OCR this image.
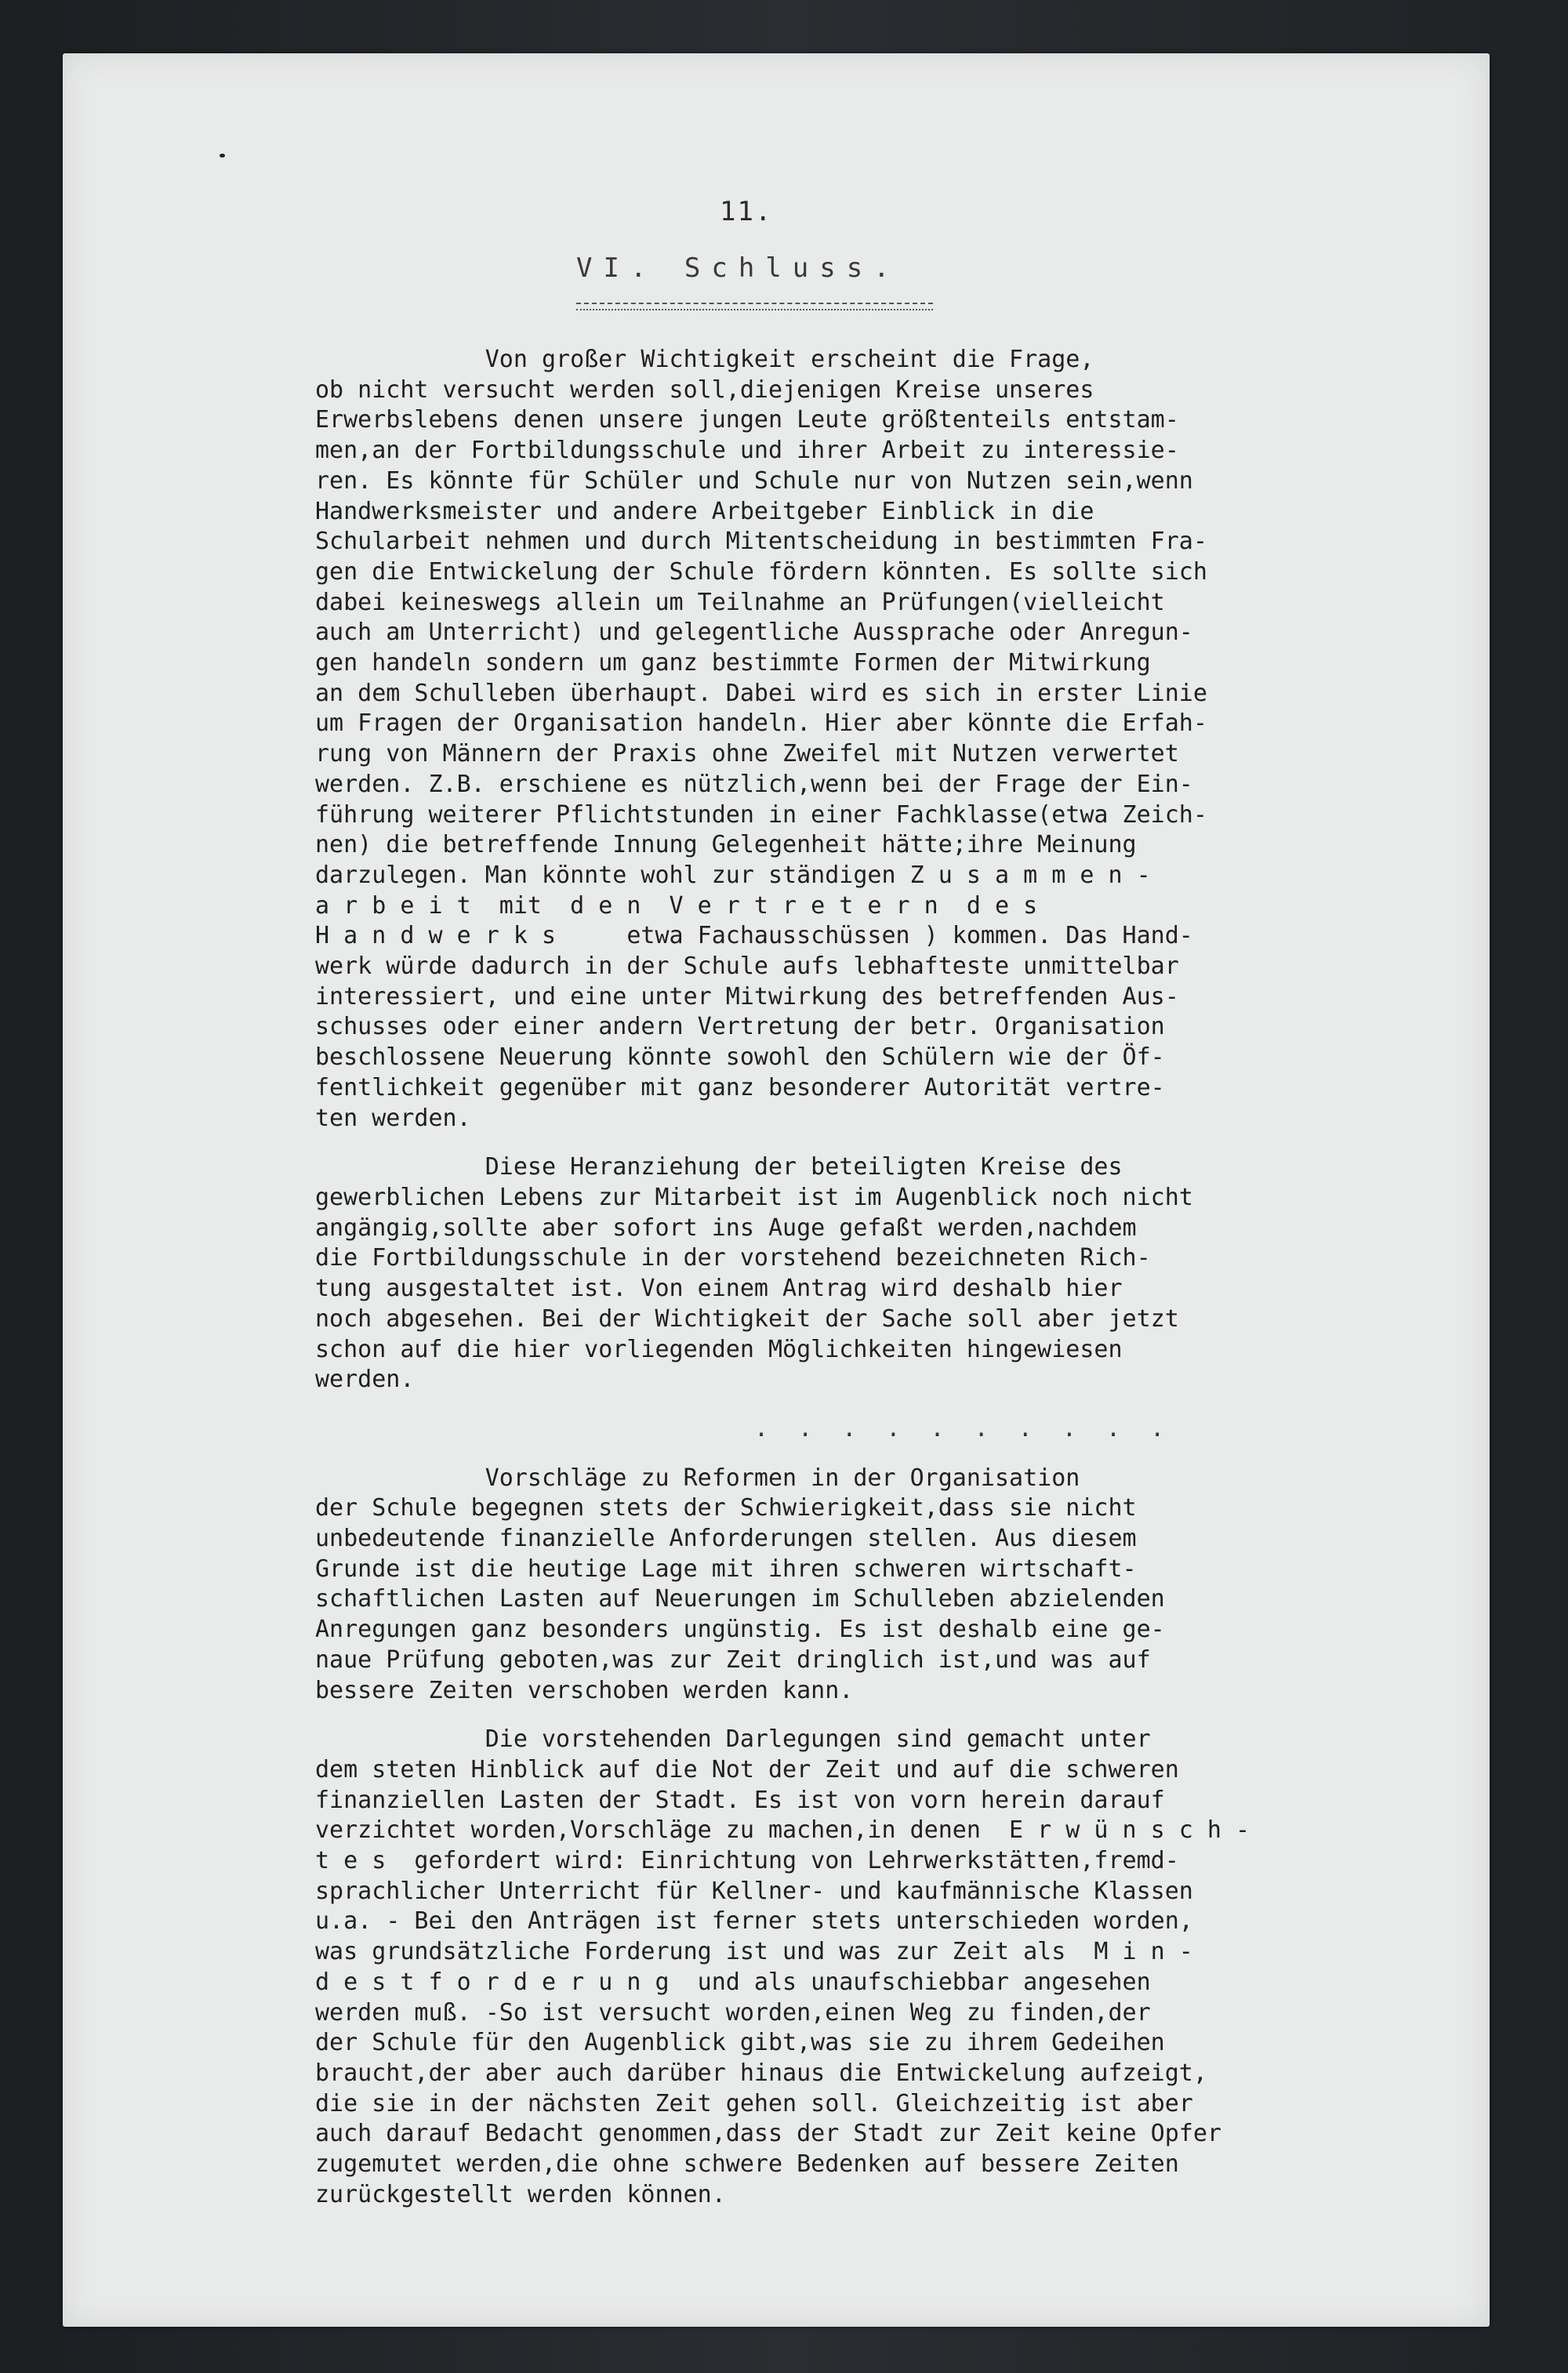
11.
VI. Schluss.
Von großer Wichtigkeit erscheint die Frage,
ob nicht versucht werden soll,diejenigen Kreise unseres
Erwerbslebens denen unsere jungen Leute größtenteils entstam-
men,an der Fortbildungsschule und ihrer Arbeit zu interessie-
ren. Es könnte für Schüler und Schule nur von Nutzen sein,wenn
Handwerksmeister und andere Arbeitgeber Einblick in die
Schularbeit nehmen und durch Mitentscheidung in bestimmten Fra-
gen die Entwickelung der Schule fördern könnten. Es sollte sich
dabei keineswegs allein um Teilnahme an Prüfungen(vielleicht
auch am Unterricht) und gelegentliche Aussprache oder Anregun-
gen handeln sondern um ganz bestimmte Formen der Mitwirkung
an dem Schulleben überhaupt. Dabei wird es sich in erster Linie
um Fragen der Organisation handeln. Hier aber könnte die Erfah-
rung von Männern der Praxis ohne Zweifel mit Nutzen verwertet
werden. Z.B. erschiene es nützlich,wenn bei der Frage der Ein-
führung weiterer Pflichtstunden in einer Fachklasse(etwa Zeich-
nen) die betreffende Innung Gelegenheit hätte;ihre Meinung
darzulegen. Man könnte wohl zur ständigen Z u s a m m e n -
a r b e i t  mit  d e n  V e r t r e t e r n  d e s
H a n d w e r k s     etwa Fachausschüssen ) kommen. Das Hand-
werk würde dadurch in der Schule aufs lebhafteste unmittelbar
interessiert, und eine unter Mitwirkung des betreffenden Aus-
schusses oder einer andern Vertretung der betr. Organisation
beschlossene Neuerung könnte sowohl den Schülern wie der Öf-
fentlichkeit gegenüber mit ganz besonderer Autorität vertre-
ten werden.
Diese Heranziehung der beteiligten Kreise des
gewerblichen Lebens zur Mitarbeit ist im Augenblick noch nicht
angängig,sollte aber sofort ins Auge gefaßt werden,nachdem
die Fortbildungsschule in der vorstehend bezeichneten Rich-
tung ausgestaltet ist. Von einem Antrag wird deshalb hier
noch abgesehen. Bei der Wichtigkeit der Sache soll aber jetzt
schon auf die hier vorliegenden Möglichkeiten hingewiesen
werden.
. . . . . . . . . .
Vorschläge zu Reformen in der Organisation
der Schule begegnen stets der Schwierigkeit,dass sie nicht
unbedeutende finanzielle Anforderungen stellen. Aus diesem
Grunde ist die heutige Lage mit ihren schweren wirtschaft-
schaftlichen Lasten auf Neuerungen im Schulleben abzielenden
Anregungen ganz besonders ungünstig. Es ist deshalb eine ge-
naue Prüfung geboten,was zur Zeit dringlich ist,und was auf
bessere Zeiten verschoben werden kann.
Die vorstehenden Darlegungen sind gemacht unter
dem steten Hinblick auf die Not der Zeit und auf die schweren
finanziellen Lasten der Stadt. Es ist von vorn herein darauf
verzichtet worden,Vorschläge zu machen,in denen  E r w ü n s c h -
t e s  gefordert wird: Einrichtung von Lehrwerkstätten,fremd-
sprachlicher Unterricht für Kellner- und kaufmännische Klassen
u.a. - Bei den Anträgen ist ferner stets unterschieden worden,
was grundsätzliche Forderung ist und was zur Zeit als  M i n -
d e s t f o r d e r u n g  und als unaufschiebbar angesehen
werden muß. -So ist versucht worden,einen Weg zu finden,der
der Schule für den Augenblick gibt,was sie zu ihrem Gedeihen
braucht,der aber auch darüber hinaus die Entwickelung aufzeigt,
die sie in der nächsten Zeit gehen soll. Gleichzeitig ist aber
auch darauf Bedacht genommen,dass der Stadt zur Zeit keine Opfer
zugemutet werden,die ohne schwere Bedenken auf bessere Zeiten
zurückgestellt werden können.
